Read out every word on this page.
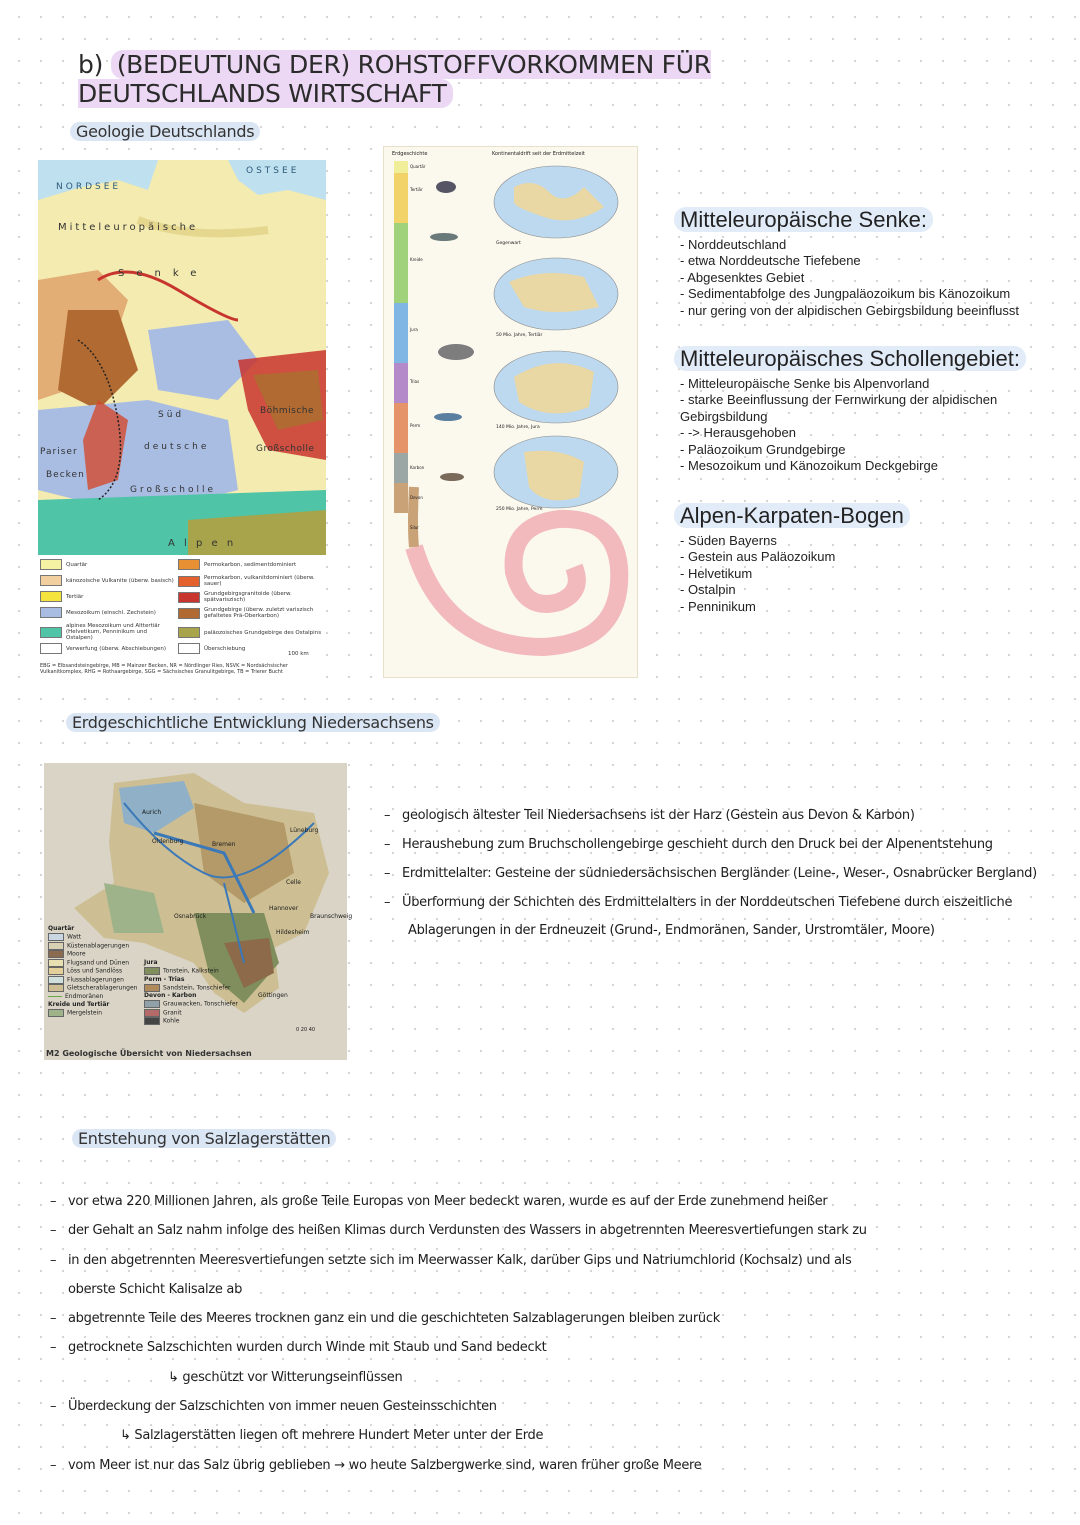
b) (BEDEUTUNG DER) ROHSTOFFVORKOMMEN FÜR DEUTSCHLANDS WIRTSCHAFT
Geologie Deutschlands
NORDSEE
OSTSEE
Mitteleuropäische
Senke
Süd
deutsche
Großscholle
Pariser
Becken
Böhmische
Großscholle
A l p e n
Quartär
känozoische Vulkanite (überw. basisch)
Tertiär
Mesozoikum (einschl. Zechstein)
alpines Mesozoikum und Alttertiär (Helvetikum, Penninikum und Ostalpen)
Verwerfung (überw. Abschiebungen)
Permokarbon, sedimentdominiert
Permokarbon, vulkanitdominiert (überw. sauer)
Grundgebirgsgranitoide (überw. spätvariszisch)
Grundgebirge (überw. zuletzt variszisch gefaltetes Prä-Oberkarbon)
paläozoisches Grundgebirge des Ostalpins
Überschiebung
100 km
EBG = Elbsandsteingebirge, MB = Mainzer Becken, NR = Nördlinger Ries, NSVK = Nordsächsischer Vulkanitkomplex, RHG = Rothaargebirge, SGG = Sächsisches Granulitgebirge, TB = Trierer Bucht
Erdgeschichte	Kontinentaldrift seit der Erdmittelzeit
Gegenwart
50 Mio. Jahre, Tertiär
140 Mio. Jahre, Jura
250 Mio. Jahre, Perm
Quartär
Tertiär
Kreide
Jura
Trias
Perm
Karbon
Devon
Silur
Mitteleuropäische Senke:
- Norddeutschland
- etwa Norddeutsche Tiefebene
- Abgesenktes Gebiet
- Sedimentabfolge des Jungpaläozoikum bis Känozoikum
- nur gering von der alpidischen Gebirgsbildung beeinflusst
Mitteleuropäisches Schollengebiet:
- Mitteleuropäische Senke bis Alpenvorland
- starke Beeinflussung der Fernwirkung der alpidischen Gebirgsbildung
- -> Herausgehoben
- Paläozoikum Grundgebirge
- Mesozoikum und Känozoikum Deckgebirge
Alpen-Karpaten-Bogen
- Süden Bayerns
- Gestein aus Paläozoikum
- Helvetikum
- Ostalpin
- Penninikum
Erdgeschichtliche Entwicklung Niedersachsens
Aurich
Oldenburg	Bremen
Lüneburg
Osnabrück
Hannover
Celle
Braunschweig
Hildesheim
Göttingen
Quartär
Watt
Küstenablagerungen
Moore
Flugsand und Dünen
Löss und Sandlöss
Flussablagerungen
Gletscherablagerungen
Endmoränen
Kreide und Tertiär
Mergelstein
Jura
Tonstein, Kalkstein
Perm - Trias
Sandstein, Tonschiefer
Devon - Karbon
Grauwacken, Tonschiefer
Granit
Kohle
0 20 40
M2 Geologische Übersicht von Niedersachsen
– geologisch ältester Teil Niedersachsens ist der Harz (Gestein aus Devon & Karbon)
– Heraushebung zum Bruchschollengebirge geschieht durch den Druck bei der Alpenentstehung
– Erdmittelalter: Gesteine der südniedersächsischen Bergländer (Leine-, Weser-, Osnabrücker Bergland)
– Überformung der Schichten des Erdmittelalters in der Norddeutschen Tiefebene durch eiszeitliche
Ablagerungen in der Erdneuzeit (Grund-, Endmoränen, Sander, Urstromtäler, Moore)
Entstehung von Salzlagerstätten
– vor etwa 220 Millionen Jahren, als große Teile Europas von Meer bedeckt waren, wurde es auf der Erde zunehmend heißer
– der Gehalt an Salz nahm infolge des heißen Klimas durch Verdunsten des Wassers in abgetrennten Meeresvertiefungen stark zu
– in den abgetrennten Meeresvertiefungen setzte sich im Meerwasser Kalk, darüber Gips und Natriumchlorid (Kochsalz) und als
oberste Schicht Kalisalze ab
– abgetrennte Teile des Meeres trocknen ganz ein und die geschichteten Salzablagerungen bleiben zurück
– getrocknete Salzschichten wurden durch Winde mit Staub und Sand bedeckt
↳ geschützt vor Witterungseinflüssen
– Überdeckung der Salzschichten von immer neuen Gesteinsschichten
↳ Salzlagerstätten liegen oft mehrere Hundert Meter unter der Erde
– vom Meer ist nur das Salz übrig geblieben → wo heute Salzbergwerke sind, waren früher große Meere
